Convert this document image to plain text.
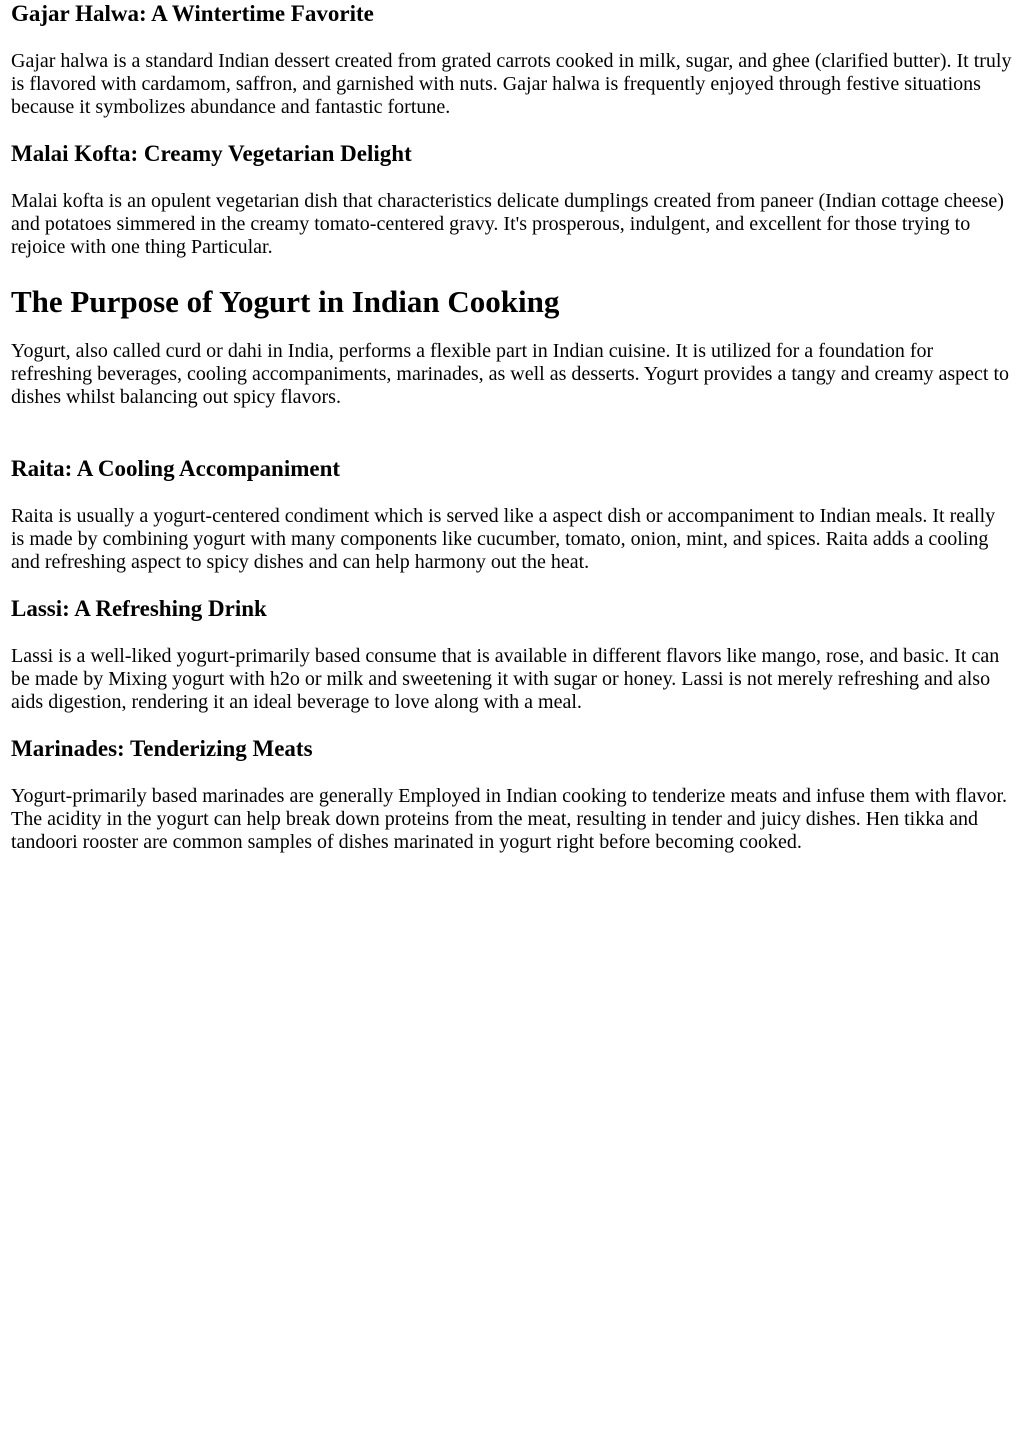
Gajar Halwa: A Wintertime Favorite

Gajar halwa is a standard Indian dessert created from grated carrots cooked in milk, sugar, and ghee (clarified butter). It truly is flavored with cardamom, saffron, and garnished with nuts. Gajar halwa is frequently enjoyed through festive situations because it symbolizes abundance and fantastic fortune.

Malai Kofta: Creamy Vegetarian Delight

Malai kofta is an opulent vegetarian dish that characteristics delicate dumplings created from paneer (Indian cottage cheese) and potatoes simmered in the creamy tomato-centered gravy. It's prosperous, indulgent, and excellent for those trying to rejoice with one thing Particular.

The Purpose of Yogurt in Indian Cooking

Yogurt, also called curd or dahi in India, performs a flexible part in Indian cuisine. It is utilized for a foundation for refreshing beverages, cooling accompaniments, marinades, as well as desserts. Yogurt provides a tangy and creamy aspect to dishes whilst balancing out spicy flavors.

Raita: A Cooling Accompaniment

Raita is usually a yogurt-centered condiment which is served like a aspect dish or accompaniment to Indian meals. It really is made by combining yogurt with many components like cucumber, tomato, onion, mint, and spices. Raita adds a cooling and refreshing aspect to spicy dishes and can help harmony out the heat.

Lassi: A Refreshing Drink

Lassi is a well-liked yogurt-primarily based consume that is available in different flavors like mango, rose, and basic. It can be made by Mixing yogurt with h2o or milk and sweetening it with sugar or honey. Lassi is not merely refreshing and also aids digestion, rendering it an ideal beverage to love along with a meal.

Marinades: Tenderizing Meats

Yogurt-primarily based marinades are generally Employed in Indian cooking to tenderize meats and infuse them with flavor. The acidity in the yogurt can help break down proteins from the meat, resulting in tender and juicy dishes. Hen tikka and tandoori rooster are common samples of dishes marinated in yogurt right before becoming cooked.
